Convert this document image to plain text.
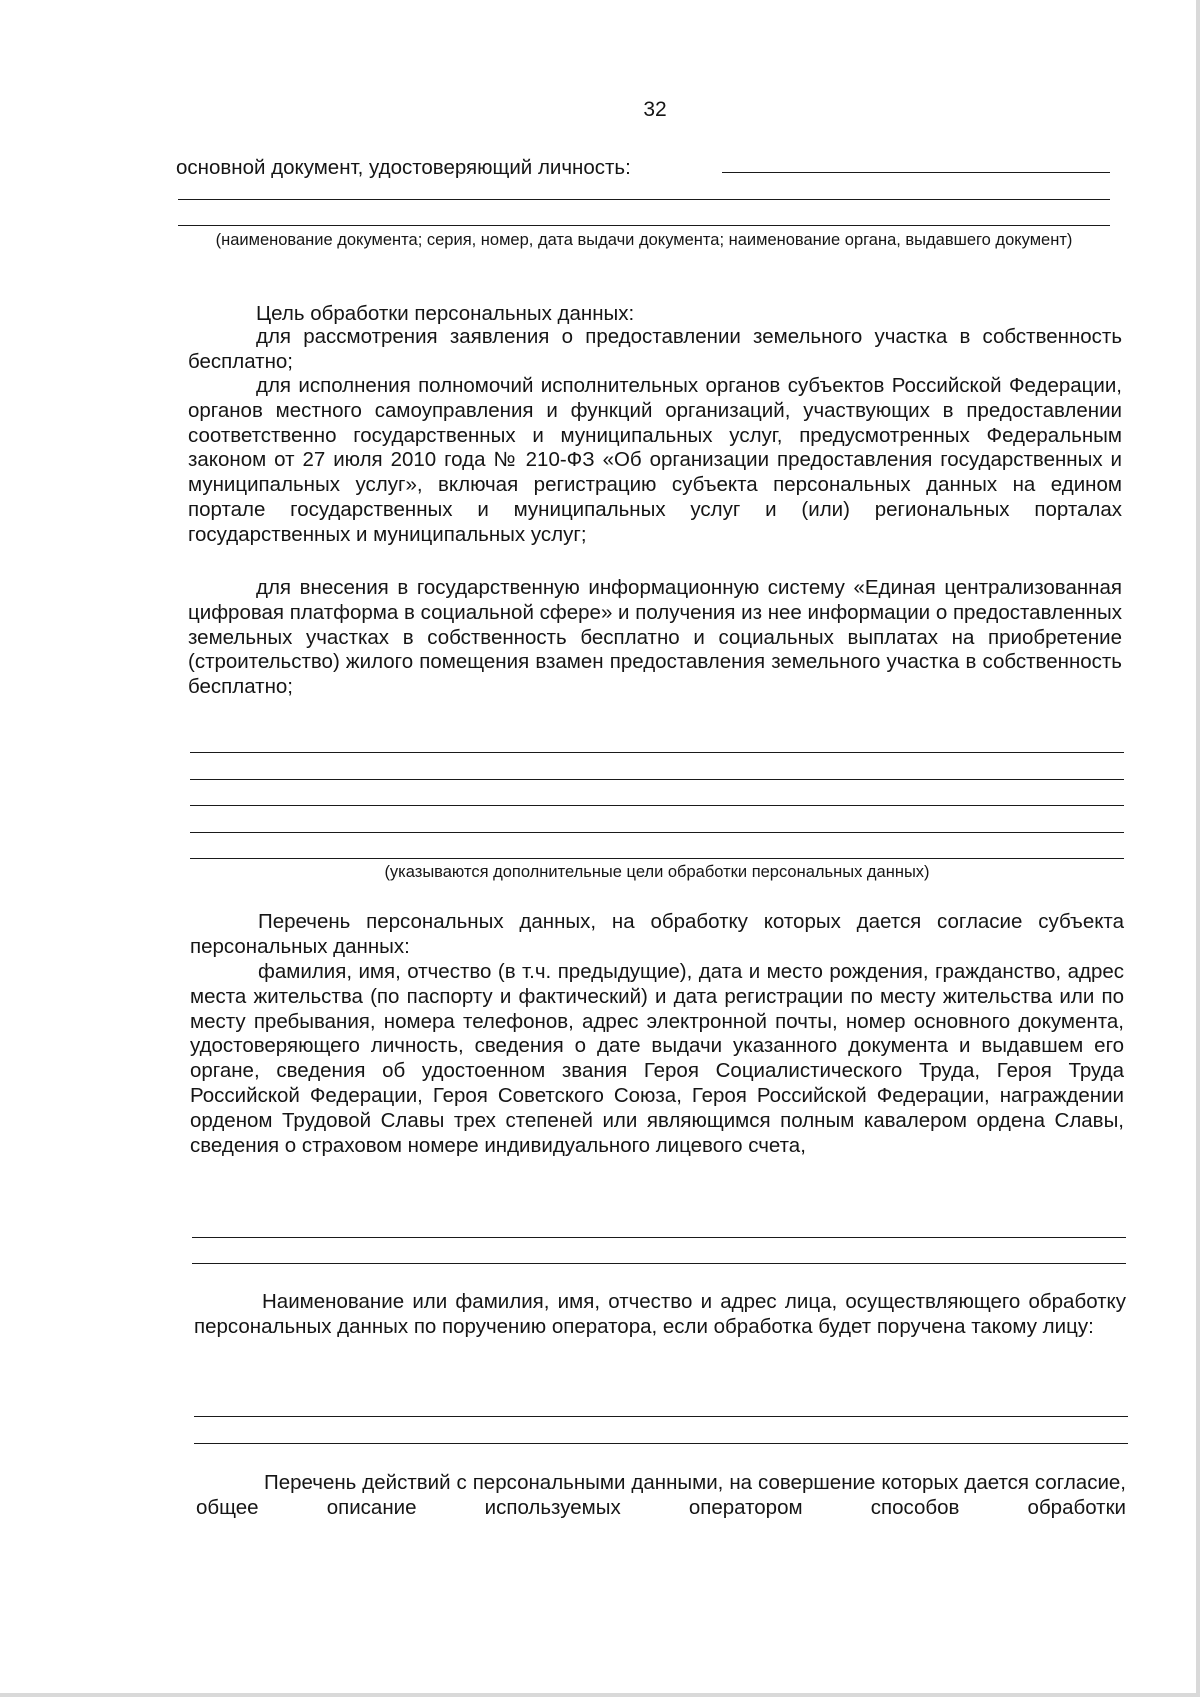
32
основной документ, удостоверяющий личность:
(наименование документа; серия, номер, дата выдачи документа; наименование органа, выдавшего документ)
Цель обработки персональных данных:

для рассмотрения заявления о предоставлении земельного участка в собственность бесплатно;

для исполнения полномочий исполнительных органов субъектов Российской Федерации, органов местного самоуправления и функций организаций, участвующих в предоставлении соответственно государственных и муниципальных услуг, предусмотренных Федеральным законом от 27 июля 2010 года № 210-ФЗ «Об организации предоставления государственных и муниципальных услуг», включая регистрацию субъекта персональных данных на едином портале государственных и муниципальных услуг и (или) региональных порталах государственных и муниципальных услуг;

для внесения в государственную информационную систему «Единая централизованная цифровая платформа в социальной сфере» и получения из нее информации о предоставленных земельных участках в собственность бесплатно и социальных выплатах на приобретение (строительство) жилого помещения взамен предоставления земельного участка в собственность бесплатно;

(указываются дополнительные цели обработки персональных данных)

Перечень персональных данных, на обработку которых дается согласие субъекта персональных данных:

фамилия, имя, отчество (в т.ч. предыдущие), дата и место рождения, гражданство, адрес места жительства (по паспорту и фактический) и дата регистрации по месту жительства или по месту пребывания, номера телефонов, адрес электронной почты, номер основного документа, удостоверяющего личность, сведения о дате выдачи указанного документа и выдавшем его органе, сведения об удостоенном звания Героя Социалистического Труда, Героя Труда Российской Федерации, Героя Советского Союза, Героя Российской Федерации, награждении орденом Трудовой Славы трех степеней или являющимся полным кавалером ордена Славы, сведения о страховом номере индивидуального лицевого счета,

Наименование или фамилия, имя, отчество и адрес лица, осуществляющего обработку персональных данных по поручению оператора, если обработка будет поручена такому лицу:

Перечень действий с персональными данными, на совершение которых дается согласие, общее описание используемых оператором способов обработки
